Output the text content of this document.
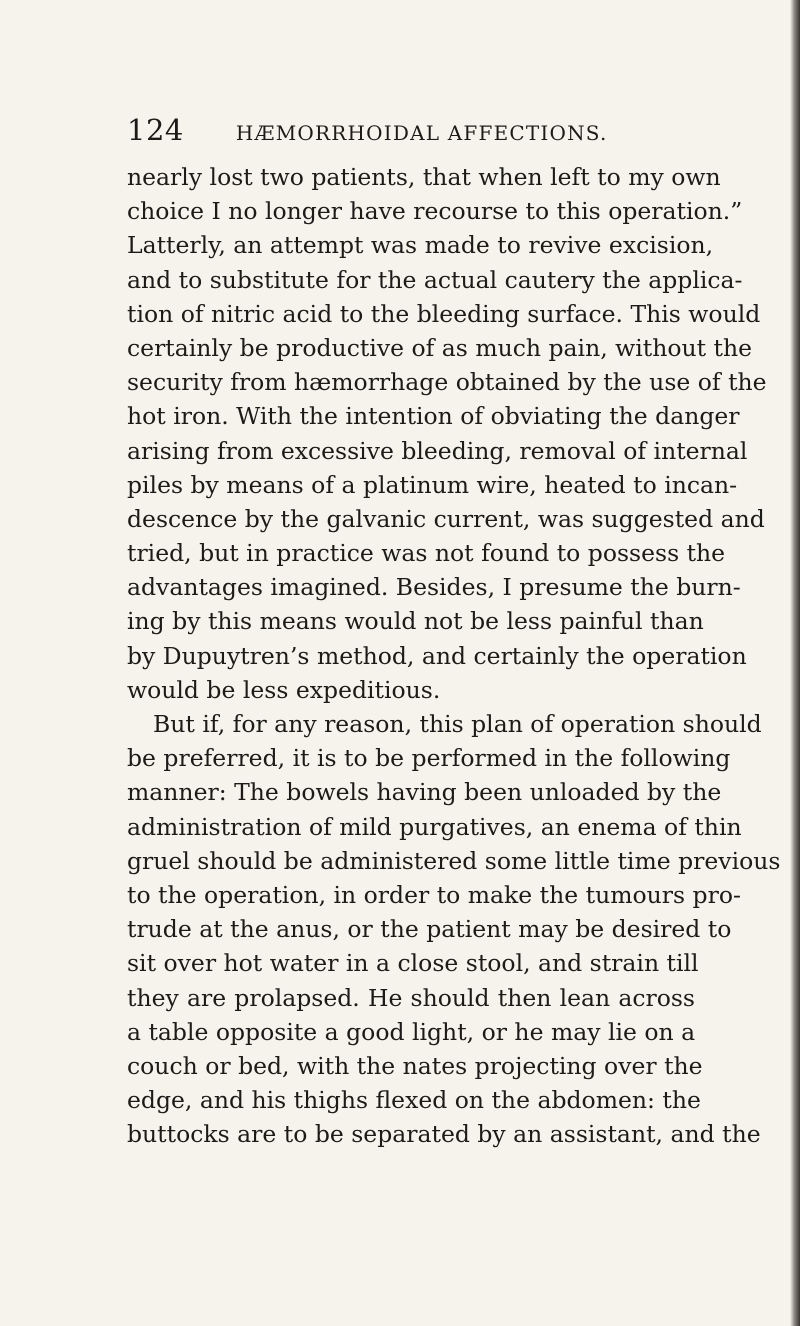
124	HÆMORRHOIDAL AFFECTIONS.
nearly lost two patients, that when left to my own
choice I no longer have recourse to this operation.”
Latterly, an attempt was made to revive excision,
and to substitute for the actual cautery the applica-
tion of nitric acid to the bleeding surface. This would
certainly be productive of as much pain, without the
security from hæmorrhage obtained by the use of the
hot iron. With the intention of obviating the danger
arising from excessive bleeding, removal of internal
piles by means of a platinum wire, heated to incan-
descence by the galvanic current, was suggested and
tried, but in practice was not found to possess the
advantages imagined. Besides, I presume the burn-
ing by this means would not be less painful than
by Dupuytren’s method, and certainly the operation
would be less expeditious.
But if, for any reason, this plan of operation should
be preferred, it is to be performed in the following
manner: The bowels having been unloaded by the
administration of mild purgatives, an enema of thin
gruel should be administered some little time previous
to the operation, in order to make the tumours pro-
trude at the anus, or the patient may be desired to
sit over hot water in a close stool, and strain till
they are prolapsed. He should then lean across
a table opposite a good light, or he may lie on a
couch or bed, with the nates projecting over the
edge, and his thighs flexed on the abdomen: the
buttocks are to be separated by an assistant, and the
